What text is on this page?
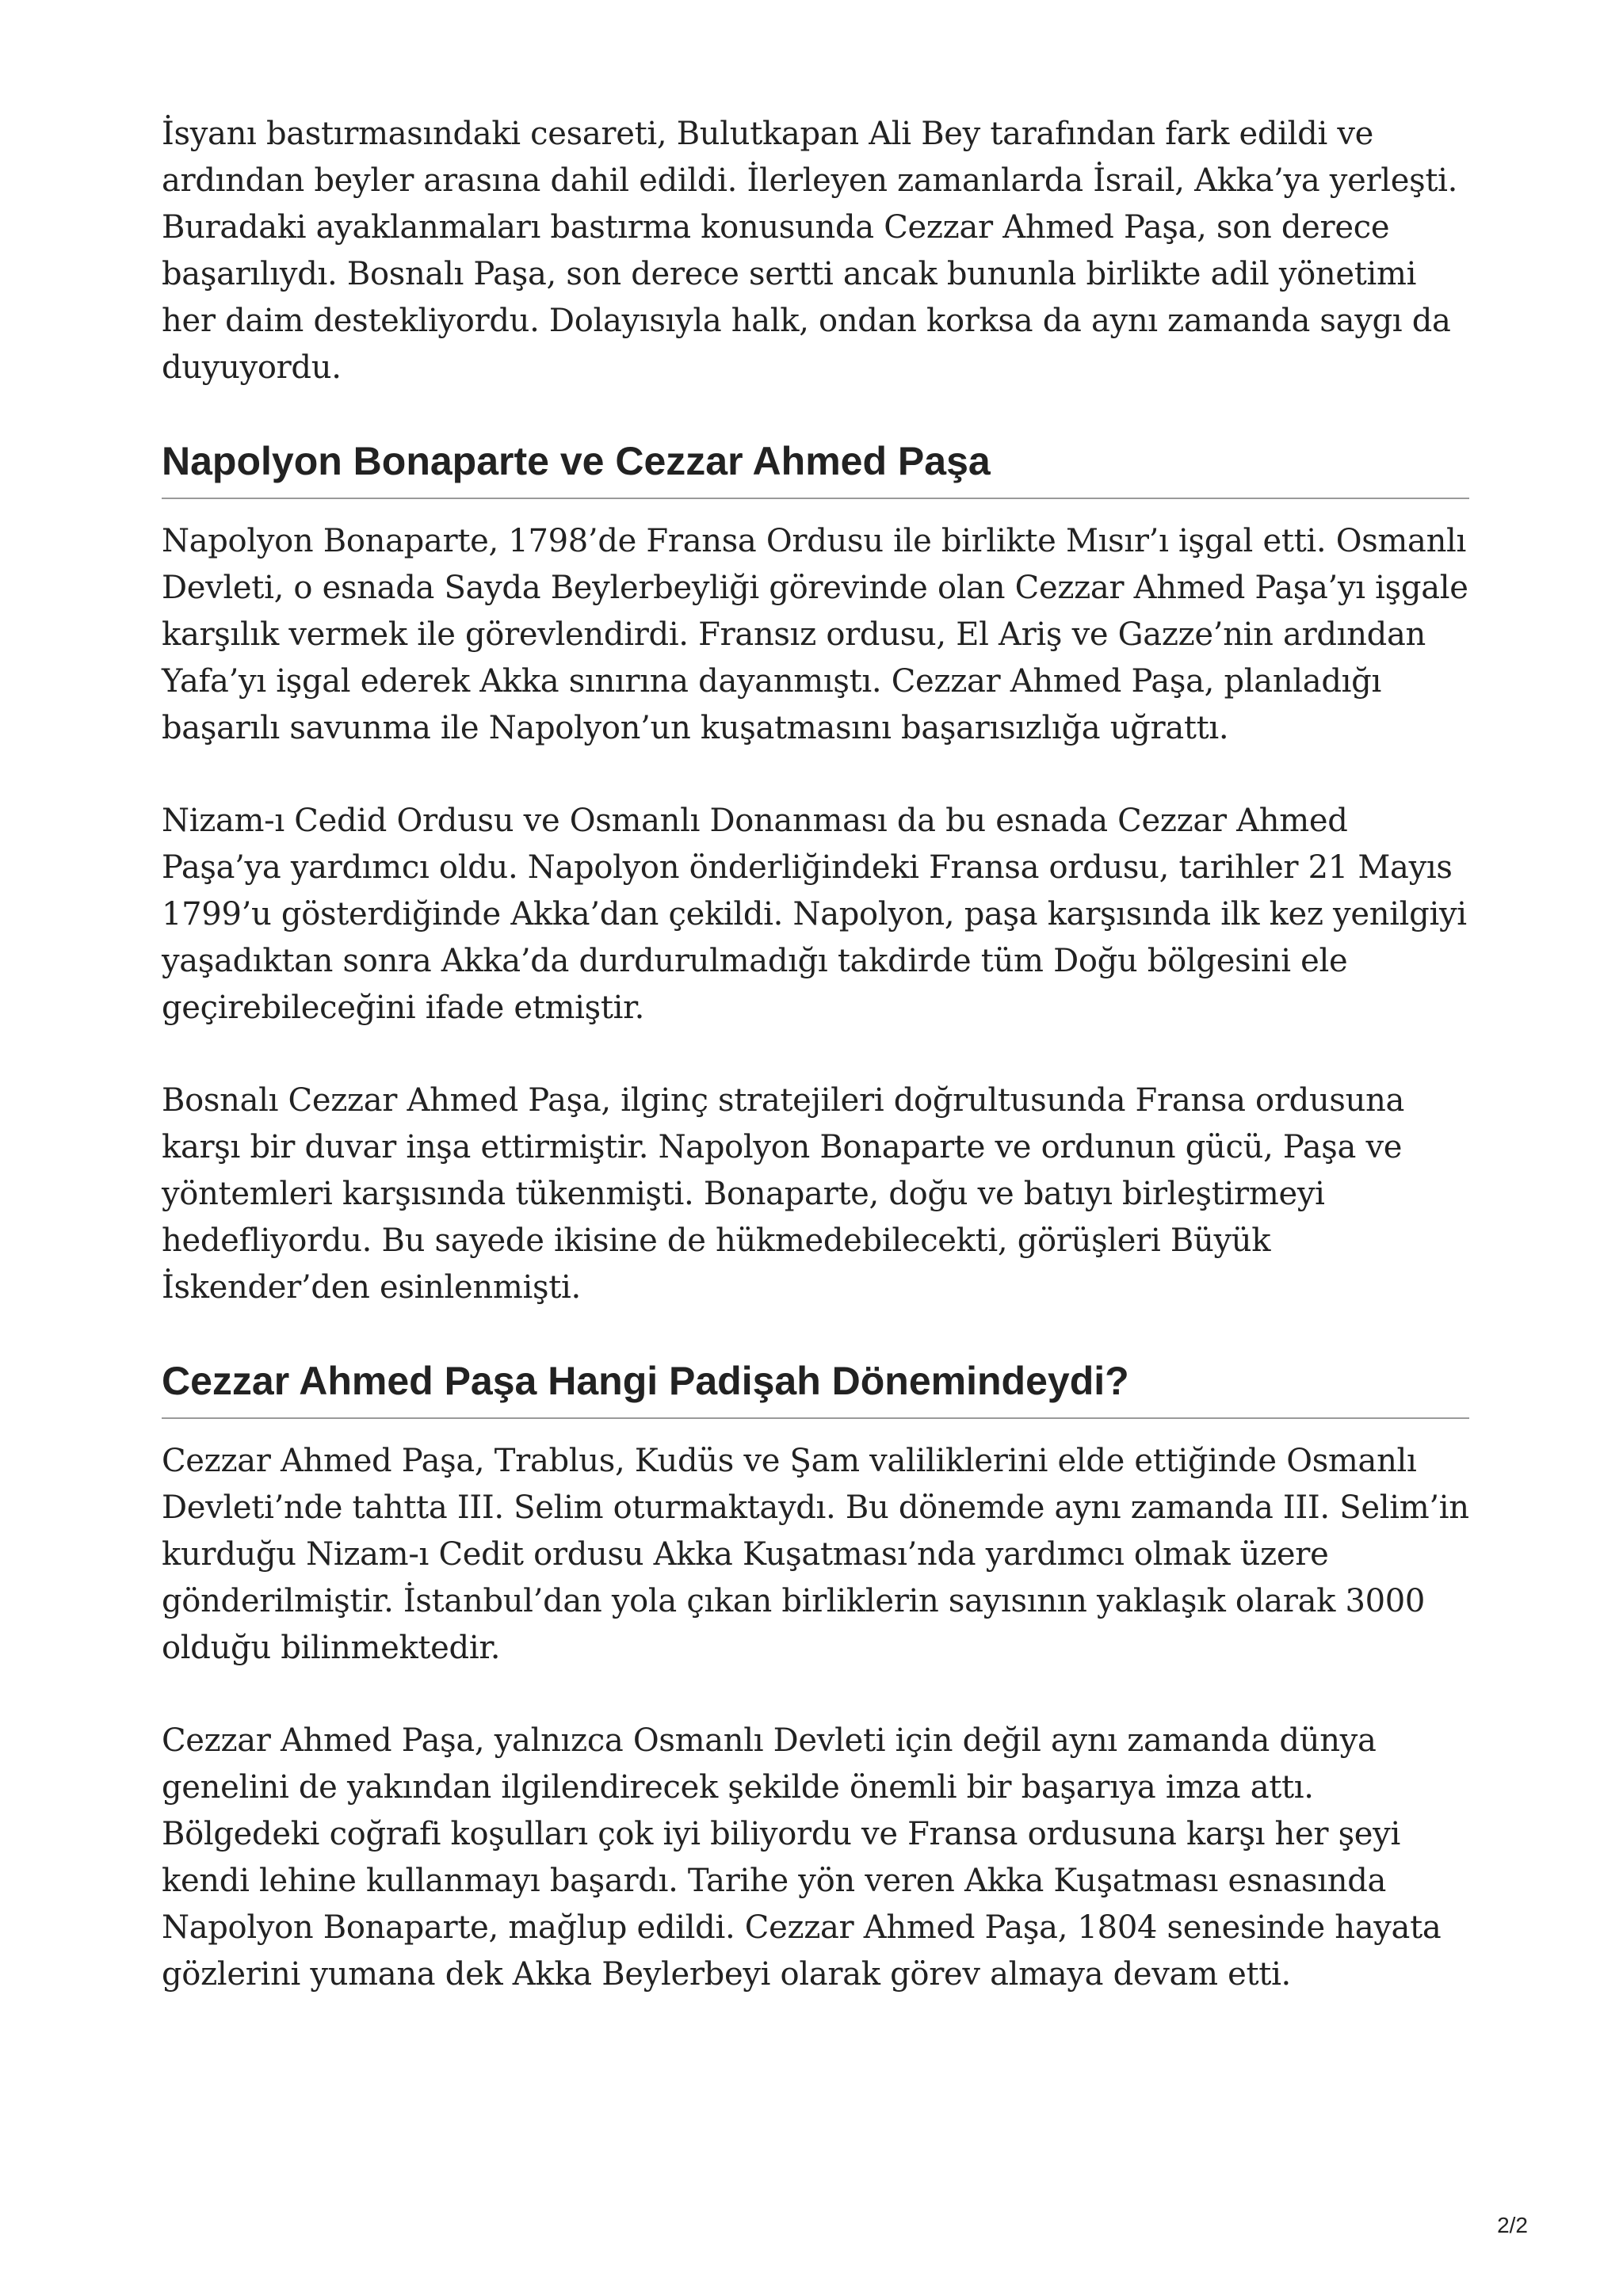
İsyanı bastırmasındaki cesareti, Bulutkapan Ali Bey tarafından fark edildi ve ardından beyler arasına dahil edildi. İlerleyen zamanlarda İsrail, Akka’ya yerleşti. Buradaki ayaklanmaları bastırma konusunda Cezzar Ahmed Paşa, son derece başarılıydı. Bosnalı Paşa, son derece sertti ancak bununla birlikte adil yönetimi her daim destekliyordu. Dolayısıyla halk, ondan korksa da aynı zamanda saygı da duyuyordu.

Napolyon Bonaparte ve Cezzar Ahmed Paşa

Napolyon Bonaparte, 1798’de Fransa Ordusu ile birlikte Mısır’ı işgal etti. Osmanlı Devleti, o esnada Sayda Beylerbeyliği görevinde olan Cezzar Ahmed Paşa’yı işgale karşılık vermek ile görevlendirdi. Fransız ordusu, El Ariş ve Gazze’nin ardından Yafa’yı işgal ederek Akka sınırına dayanmıştı. Cezzar Ahmed Paşa, planladığı başarılı savunma ile Napolyon’un kuşatmasını başarısızlığa uğrattı.

Nizam-ı Cedid Ordusu ve Osmanlı Donanması da bu esnada Cezzar Ahmed Paşa’ya yardımcı oldu. Napolyon önderliğindeki Fransa ordusu, tarihler 21 Mayıs 1799’u gösterdiğinde Akka’dan çekildi. Napolyon, paşa karşısında ilk kez yenilgiyi yaşadıktan sonra Akka’da durdurulmadığı takdirde tüm Doğu bölgesini ele geçirebileceğini ifade etmiştir.

Bosnalı Cezzar Ahmed Paşa, ilginç stratejileri doğrultusunda Fransa ordusuna karşı bir duvar inşa ettirmiştir. Napolyon Bonaparte ve ordunun gücü, Paşa ve yöntemleri karşısında tükenmişti. Bonaparte, doğu ve batıyı birleştirmeyi hedefliyordu. Bu sayede ikisine de hükmedebilecekti, görüşleri Büyük İskender’den esinlenmişti.

Cezzar Ahmed Paşa Hangi Padişah Dönemindeydi?

Cezzar Ahmed Paşa, Trablus, Kudüs ve Şam valiliklerini elde ettiğinde Osmanlı Devleti’nde tahtta III. Selim oturmaktaydı. Bu dönemde aynı zamanda III. Selim’in kurduğu Nizam-ı Cedit ordusu Akka Kuşatması’nda yardımcı olmak üzere gönderilmiştir. İstanbul’dan yola çıkan birliklerin sayısının yaklaşık olarak 3000 olduğu bilinmektedir.

Cezzar Ahmed Paşa, yalnızca Osmanlı Devleti için değil aynı zamanda dünya genelini de yakından ilgilendirecek şekilde önemli bir başarıya imza attı. Bölgedeki coğrafi koşulları çok iyi biliyordu ve Fransa ordusuna karşı her şeyi kendi lehine kullanmayı başardı. Tarihe yön veren Akka Kuşatması esnasında Napolyon Bonaparte, mağlup edildi. Cezzar Ahmed Paşa, 1804 senesinde hayata gözlerini yumana dek Akka Beylerbeyi olarak görev almaya devam etti.

2/2
